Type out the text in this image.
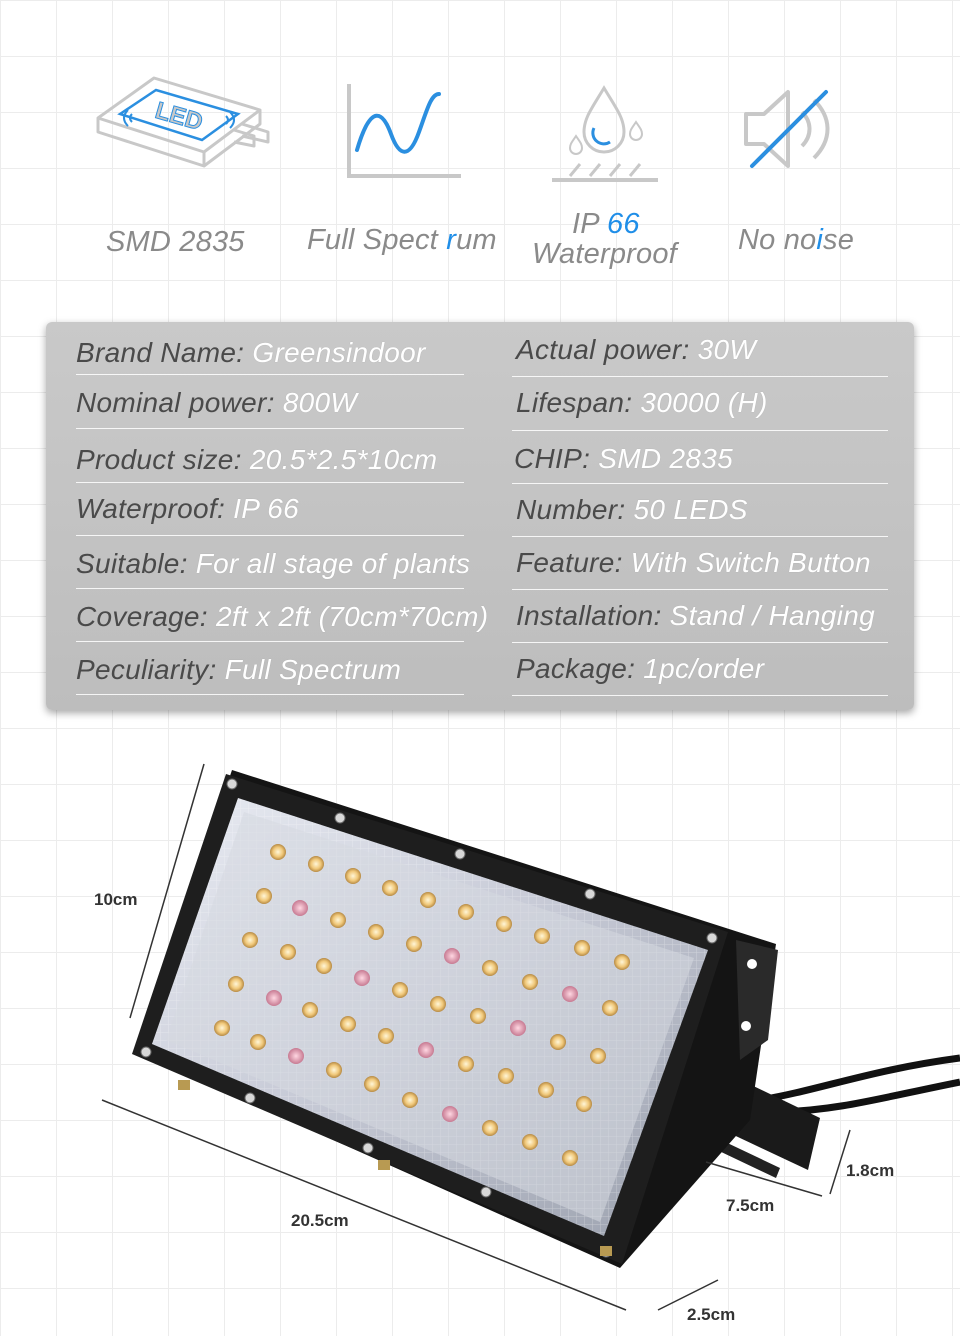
LED
SMD 2835 Full Spect rum	IP 66
Waterproof No noise
Brand Name: Greensindoor
Nominal power: 800W
Product size: 20.5*2.5*10cm
Waterproof: IP 66
Suitable: For all stage of plants
Coverage: 2ft x 2ft (70cm*70cm)
Peculiarity: Full Spectrum
Actual power: 30W
Lifespan: 30000 (H)
CHIP: SMD 2835
Number: 50 LEDS
Feature: With Switch Button
Installation: Stand / Hanging
Package: 1pc/order
10cm
20.5cm
7.5cm
1.8cm
2.5cm
